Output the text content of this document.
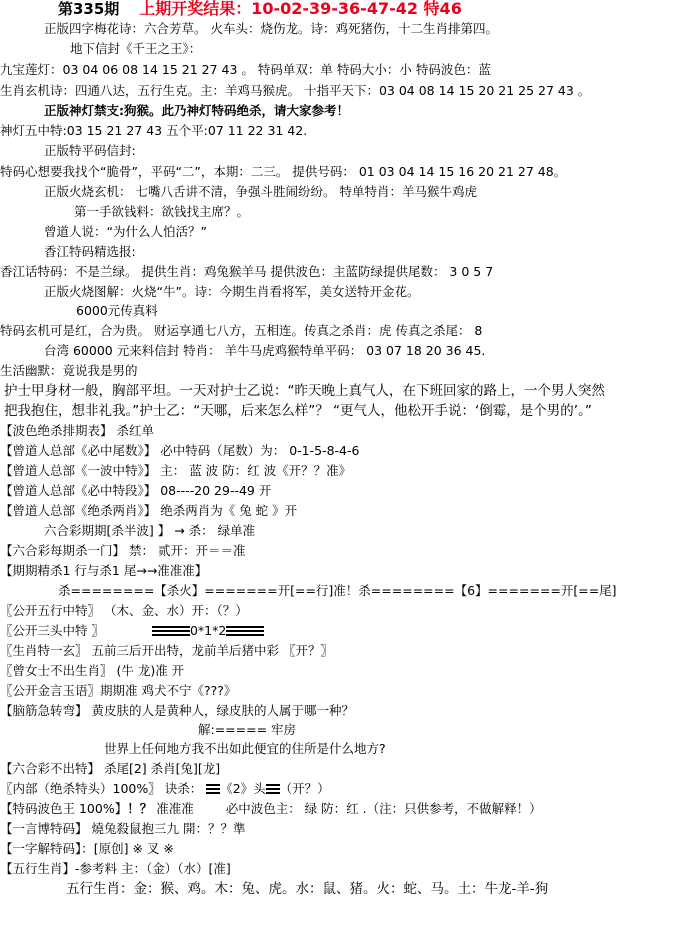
第335期 上期开奖结果：10-02-39-36-47-42 特46
正版四字梅花诗：六合芳草。 火车头：烧伤龙。诗：鸡死猪伤，十二生肖排第四。
地下信封《千王之王》：
九宝莲灯：03 04 06 08 14 15 21 27 43 。 特码单双：单 特码大小：小 特码波色：蓝
生肖玄机诗：四通八达，五行生克。主：羊鸡马猴虎。 十指平天下：03 04 08 14 15 20 21 25 27 43 。
正版神灯禁支:狗猴。此乃神灯特码绝杀，请大家参考！
神灯五中特:03 15 21 27 43 五个平:07 11 22 31 42.
正版特平码信封:
特码心想要我找个“脆骨”，平码“二”，本期：二三。 提供号码： 01 03 04 14 15 16 20 21 27 48。
正版火烧玄机： 七嘴八舌讲不清，争强斗胜闹纷纷。 特单特肖：羊马猴牛鸡虎
第一手欲钱料：欲钱找主席？。
曾道人说：“为什么人怕活？”
香江特码精选报:
香江话特码：不是兰绿。 提供生肖：鸡兔猴羊马 提供波色：主蓝防绿提供尾数： 3 0 5 7
正版火烧图解：火烧“牛”。诗：今期生肖看将军，美女送特开金花。
6000元传真料
特码玄机可是红，合为贵。 财运享通七八方，五相连。传真之杀肖：虎 传真之杀尾： 8
台湾 60000 元来料信封 特肖： 羊牛马虎鸡猴特单平码： 03 07 18 20 36 45.
生活幽默：竟说我是男的
护士甲身材一般，胸部平坦。一天对护士乙说：“昨天晚上真气人，在下班回家的路上，一个男人突然
把我抱住，想非礼我。”护士乙：“天哪，后来怎么样”？ “更气人，他松开手说：‘倒霉，是个男的’。”
【波色绝杀排期表】 杀红单
【曾道人总部《必中尾数》】 必中特码（尾数）为： 0-1-5-8-4-6
【曾道人总部《一波中特》】 主： 蓝 波 防：红 波《开？？准》
【曾道人总部《必中特段》】 08----20 29--49 开
【曾道人总部《绝杀两肖》】 绝杀两肖为《 兔 蛇 》开
六合彩期期[杀半波] 】 → 杀： 绿单准
【六合彩每期杀一门】 禁： 贰开：开＝＝准
【期期精杀1 行与杀1 尾→→准准准】
杀========【杀火】=======开[==行]准！杀========【6】=======开[==尾]
〖公开五行中特〗 （木、金、水）开：（？）
〖公开三头中特 〗	0*1*2
〖生肖特一玄〗 五前三后开出特，龙前羊后猪中彩 〖开？〗
〖曾女士不出生肖〗 (牛 龙)准 开
〖公开金言玉语〗期期准 鸡犬不宁《???》
【脑筋急转弯】 黄皮肤的人是黄种人，绿皮肤的人属于哪一种？
解:===== 牢房
世界上任何地方我不出如此便宜的住所是什么地方?
【六合彩不出特】 杀尾[2] 杀肖[兔][龙]
〖内部（绝杀特头）100%〗 诀杀： 《2》头 （开？）
【特码波色王 100%】！？ 准准准	必中波色主： 绿 防：红 .（注：只供参考，不做解释！）
【一言博特码】 燒兔殺鼠抱三九 開：？？準
【一字解特码】：[原创] ※ 叉 ※
【五行生肖】-参考料 主：（金）（水）[准]
五行生肖：金：猴、鸡。木：兔、虎。水：鼠、猪。火：蛇、马。土：牛龙-羊-狗
